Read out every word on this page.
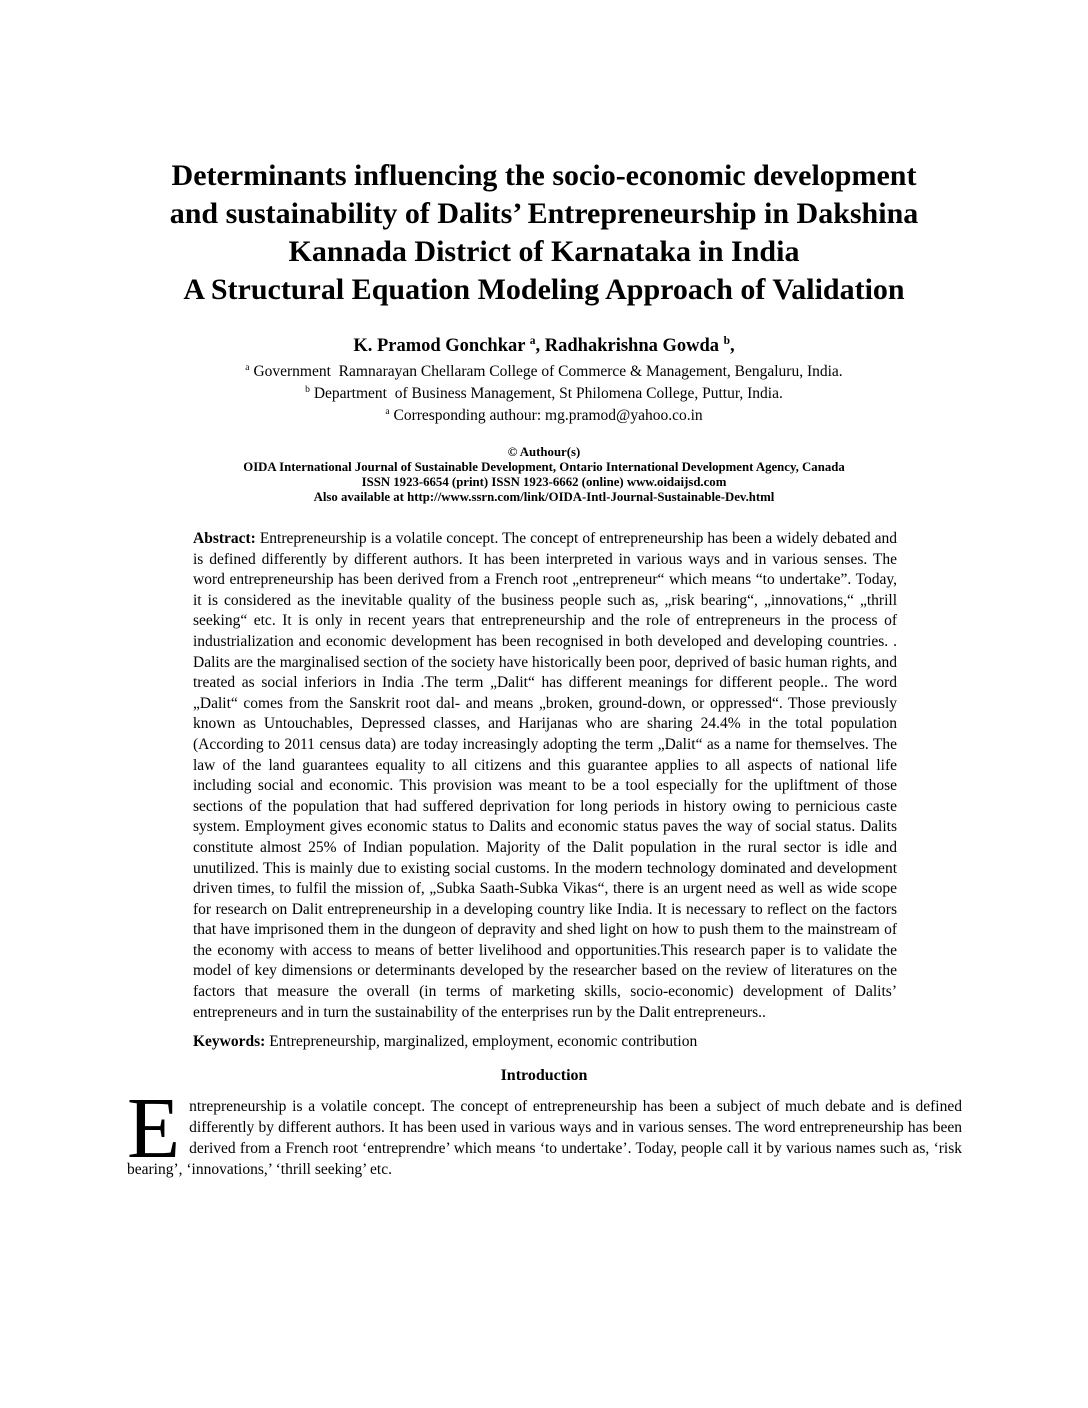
Determinants influencing the socio-economic development
and sustainability of Dalits’ Entrepreneurship in Dakshina
Kannada District of Karnataka in India
A Structural Equation Modeling Approach of Validation
K. Pramod Gonchkar $^a$, Radhakrishna Gowda $^b$,
$^a$ Government  Ramnarayan Chellaram College of Commerce & Management, Bengaluru, India.
$^b$ Department  of Business Management, St Philomena College, Puttur, India.
$^a$ Corresponding authour: mg.pramod@yahoo.co.in
© Authour(s)
OIDA International Journal of Sustainable Development, Ontario International Development Agency, Canada
ISSN 1923-6654 (print) ISSN 1923-6662 (online) www.oidaijsd.com
Also available at http://www.ssrn.com/link/OIDA-Intl-Journal-Sustainable-Dev.html

Abstract: Entrepreneurship is a volatile concept. The concept of entrepreneurship has been a widely debated and is defined differently by different authors. It has been interpreted in various ways and in various senses. The word entrepreneurship has been derived from a French root „entrepreneur“ which means “to undertake”. Today, it is considered as the inevitable quality of the business people such as, „risk bearing“, „innovations,“ „thrill seeking“ etc. It is only in recent years that entrepreneurship and the role of entrepreneurs in the process of industrialization and economic development has been recognised in both developed and developing countries. . Dalits are the marginalised section of the society have historically been poor, deprived of basic human rights, and treated as social inferiors in India .The term „Dalit“ has different meanings for different people.. The word „Dalit“ comes from the Sanskrit root dal- and means „broken, ground-down, or oppressed“. Those previously known as Untouchables, Depressed classes, and Harijanas who are sharing 24.4% in the total population (According to 2011 census data) are today increasingly adopting the term „Dalit“ as a name for themselves. The law of the land guarantees equality to all citizens and this guarantee applies to all aspects of national life including social and economic. This provision was meant to be a tool especially for the upliftment of those sections of the population that had suffered deprivation for long periods in history owing to pernicious caste system. Employment gives economic status to Dalits and economic status paves the way of social status. Dalits constitute almost 25% of Indian population. Majority of the Dalit population in the rural sector is idle and unutilized. This is mainly due to existing social customs. In the modern technology dominated and development driven times, to fulfil the mission of, „Subka Saath-Subka Vikas“, there is an urgent need as well as wide scope for research on Dalit entrepreneurship in a developing country like India. It is necessary to reflect on the factors that have imprisoned them in the dungeon of depravity and shed light on how to push them to the mainstream of the economy with access to means of better livelihood and opportunities.This research paper is to validate the model of key dimensions or determinants developed by the researcher based on the review of literatures on the factors that measure the overall (in terms of marketing skills, socio-economic) development of Dalits’ entrepreneurs and in turn the sustainability of the enterprises run by the Dalit entrepreneurs..

Keywords: Entrepreneurship, marginalized, employment, economic contribution

Introduction

Entrepreneurship is a volatile concept. The concept of entrepreneurship has been a subject of much debate and is defined differently by different authors. It has been used in various ways and in various senses. The word entrepreneurship has been derived from a French root ‘entreprendre’ which means ‘to undertake’. Today, people call it by various names such as, ‘risk bearing’, ‘innovations,’ ‘thrill seeking’ etc.
